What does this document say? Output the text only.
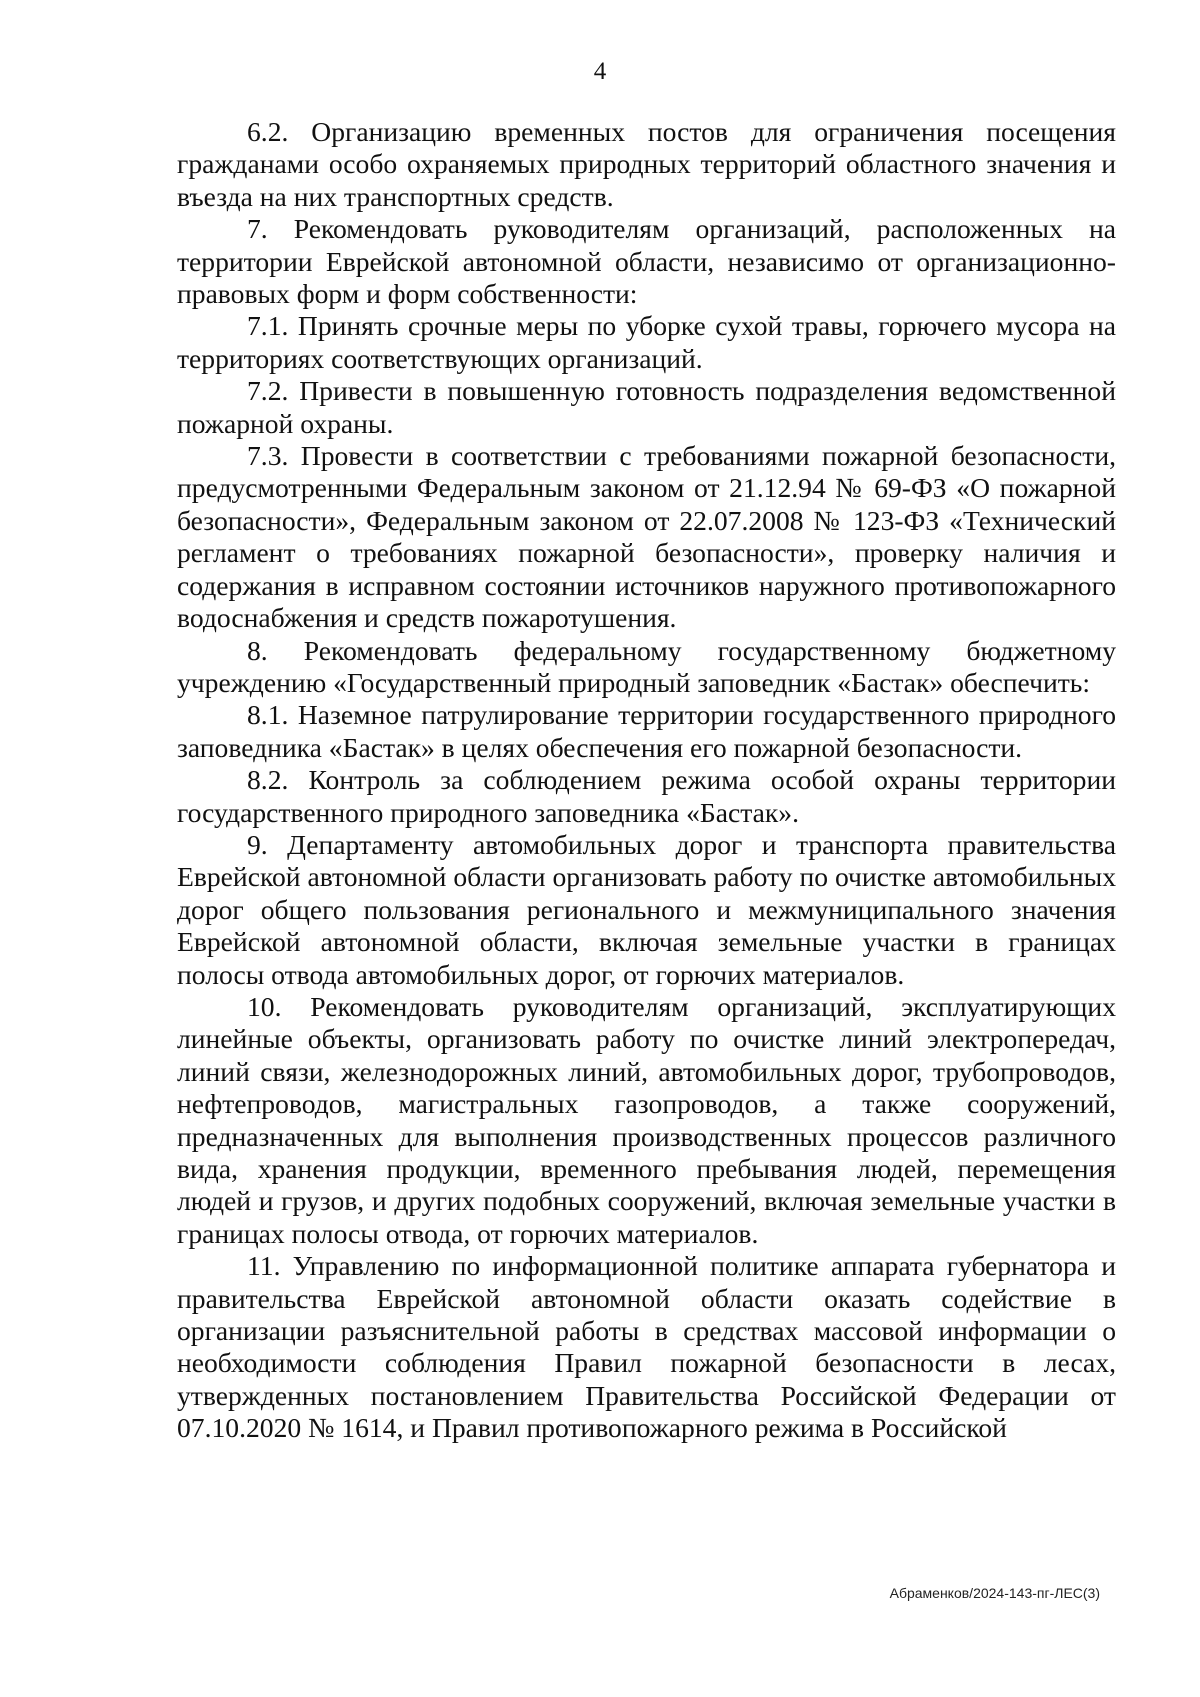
4

6.2. Организацию временных постов для ограничения посещения гражданами особо охраняемых природных территорий областного значения и въезда на них транспортных средств.

7. Рекомендовать руководителям организаций, расположенных на территории Еврейской автономной области, независимо от организационно-правовых форм и форм собственности:

7.1. Принять срочные меры по уборке сухой травы, горючего мусора на территориях соответствующих организаций.

7.2. Привести в повышенную готовность подразделения ведомственной пожарной охраны.

7.3. Провести в соответствии с требованиями пожарной безопасности, предусмотренными Федеральным законом от 21.12.94 № 69-ФЗ «О пожарной безопасности», Федеральным законом от 22.07.2008 № 123-ФЗ «Технический регламент о требованиях пожарной безопасности», проверку наличия и содержания в исправном состоянии источников наружного противопожарного водоснабжения и средств пожаротушения.

8. Рекомендовать федеральному государственному бюджетному учреждению «Государственный природный заповедник «Бастак» обеспечить:

8.1. Наземное патрулирование территории государственного природного заповедника «Бастак» в целях обеспечения его пожарной безопасности.

8.2. Контроль за соблюдением режима особой охраны территории государственного природного заповедника «Бастак».

9. Департаменту автомобильных дорог и транспорта правительства Еврейской автономной области организовать работу по очистке автомобильных дорог общего пользования регионального и межмуниципального значения Еврейской автономной области, включая земельные участки в границах полосы отвода автомобильных дорог, от горючих материалов.

10. Рекомендовать руководителям организаций, эксплуатирующих линейные объекты, организовать работу по очистке линий электропередач, линий связи, железнодорожных линий, автомобильных дорог, трубопроводов, нефтепроводов, магистральных газопроводов, а также сооружений, предназначенных для выполнения производственных процессов различного вида, хранения продукции, временного пребывания людей, перемещения людей и грузов, и других подобных сооружений, включая земельные участки в границах полосы отвода, от горючих материалов.

11. Управлению по информационной политике аппарата губернатора и правительства Еврейской автономной области оказать содействие в организации разъяснительной работы в средствах массовой информации о необходимости соблюдения Правил пожарной безопасности в лесах, утвержденных постановлением Правительства Российской Федерации от 07.10.2020 № 1614, и Правил противопожарного режима в Российской

Абраменков/2024-143-пг-ЛЕС(3)
